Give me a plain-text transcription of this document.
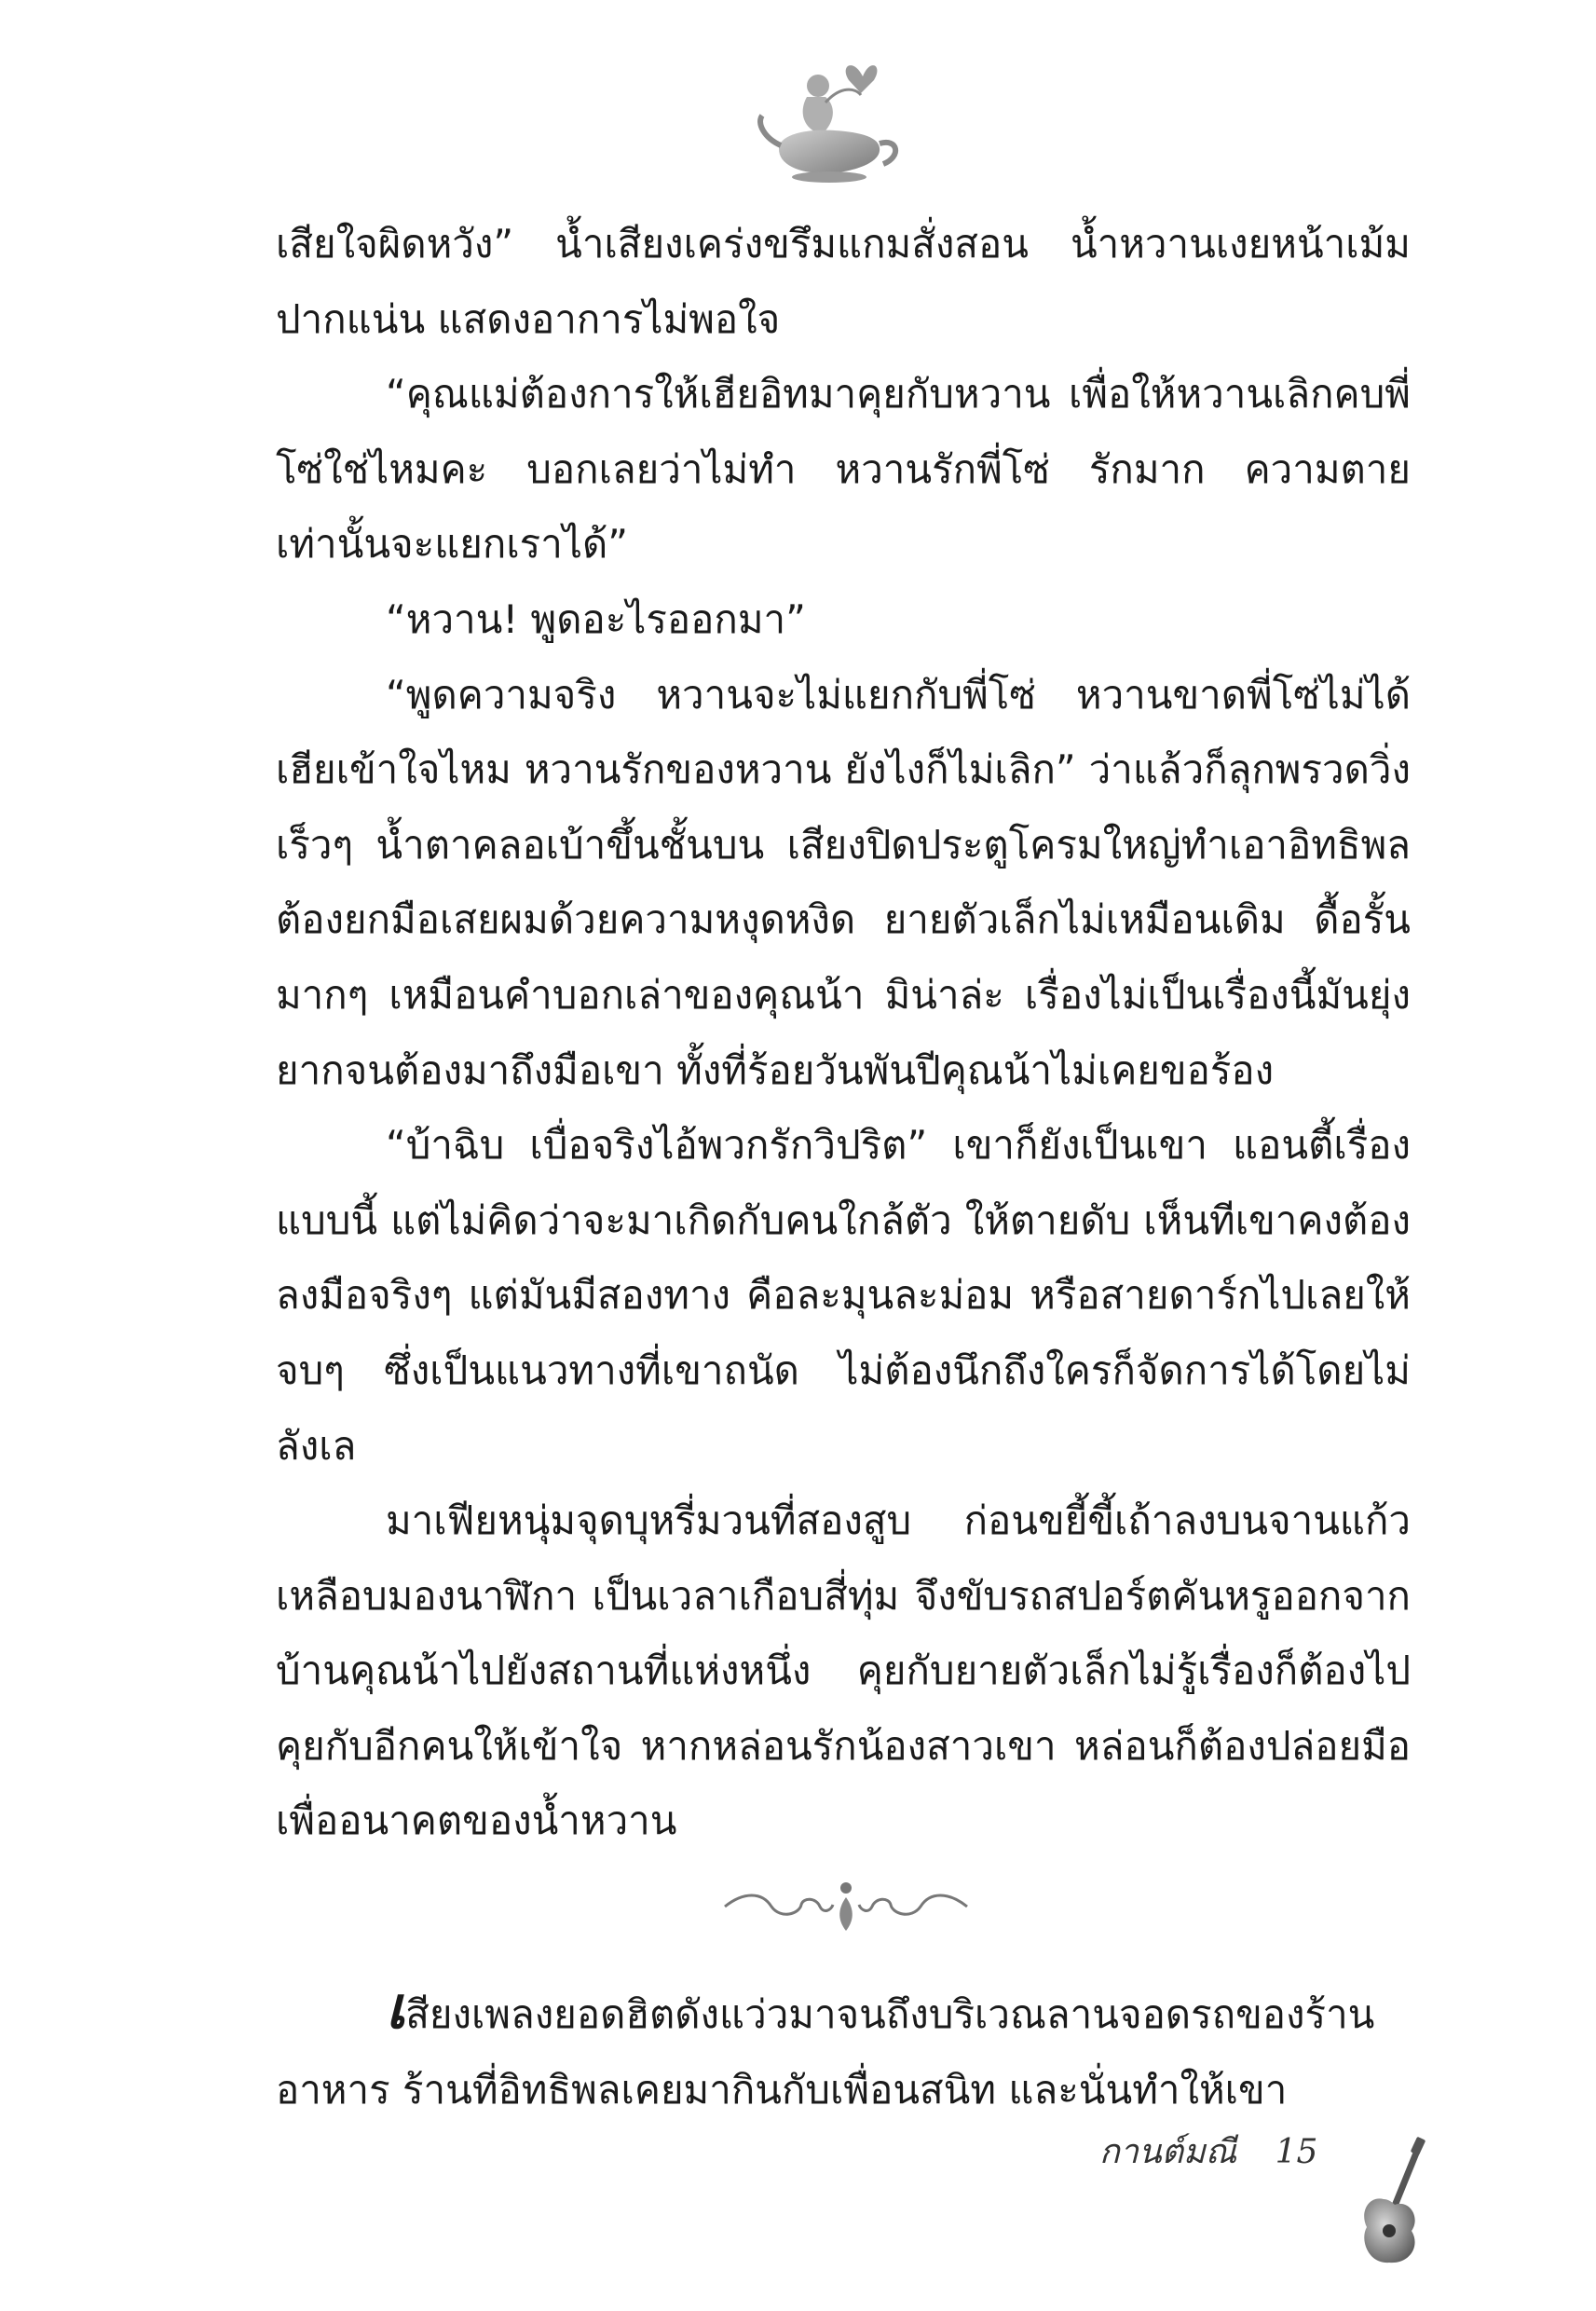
เสียใจผิดหวัง” น้ำเสียงเคร่งขรึมแกมสั่งสอน น้ำหวานเงยหน้าเม้มปากแน่น แสดงอาการไม่พอใจ

“คุณแม่ต้องการให้เฮียอิทมาคุยกับหวาน เพื่อให้หวานเลิกคบพี่โซ่ใช่ไหมคะ บอกเลยว่าไม่ทำ หวานรักพี่โซ่ รักมาก ความตายเท่านั้นจะแยกเราได้”

“หวาน! พูดอะไรออกมา”

“พูดความจริง หวานจะไม่แยกกับพี่โซ่ หวานขาดพี่โซ่ไม่ได้ เฮียเข้าใจไหม หวานรักของหวาน ยังไงก็ไม่เลิก” ว่าแล้วก็ลุกพรวดวิ่งเร็วๆ น้ำตาคลอเบ้าขึ้นชั้นบน เสียงปิดประตูโครมใหญ่ทำเอาอิทธิพลต้องยกมือเสยผมด้วยความหงุดหงิด ยายตัวเล็กไม่เหมือนเดิม ดื้อรั้นมากๆ เหมือนคำบอกเล่าของคุณน้า มิน่าล่ะ เรื่องไม่เป็นเรื่องนี้มันยุ่งยากจนต้องมาถึงมือเขา ทั้งที่ร้อยวันพันปีคุณน้าไม่เคยขอร้อง

“บ้าฉิบ เบื่อจริงไอ้พวกรักวิปริต” เขาก็ยังเป็นเขา แอนตี้เรื่องแบบนี้ แต่ไม่คิดว่าจะมาเกิดกับคนใกล้ตัว ให้ตายดับ เห็นทีเขาคงต้องลงมือจริงๆ แต่มันมีสองทาง คือละมุนละม่อม หรือสายดาร์กไปเลยให้จบๆ ซึ่งเป็นแนวทางที่เขาถนัด ไม่ต้องนึกถึงใครก็จัดการได้โดยไม่ลังเล

มาเฟียหนุ่มจุดบุหรี่มวนที่สองสูบ ก่อนขยี้ขี้เถ้าลงบนจานแก้วเหลือบมองนาฬิกา เป็นเวลาเกือบสี่ทุ่ม จึงขับรถสปอร์ตคันหรูออกจากบ้านคุณน้าไปยังสถานที่แห่งหนึ่ง คุยกับยายตัวเล็กไม่รู้เรื่องก็ต้องไปคุยกับอีกคนให้เข้าใจ หากหล่อนรักน้องสาวเขา หล่อนก็ต้องปล่อยมือเพื่ออนาคตของน้ำหวาน

เสียงเพลงยอดฮิตดังแว่วมาจนถึงบริเวณลานจอดรถของร้านอาหาร ร้านที่อิทธิพลเคยมากินกับเพื่อนสนิท และนั่นทำให้เขา

กานต์มณี 15
